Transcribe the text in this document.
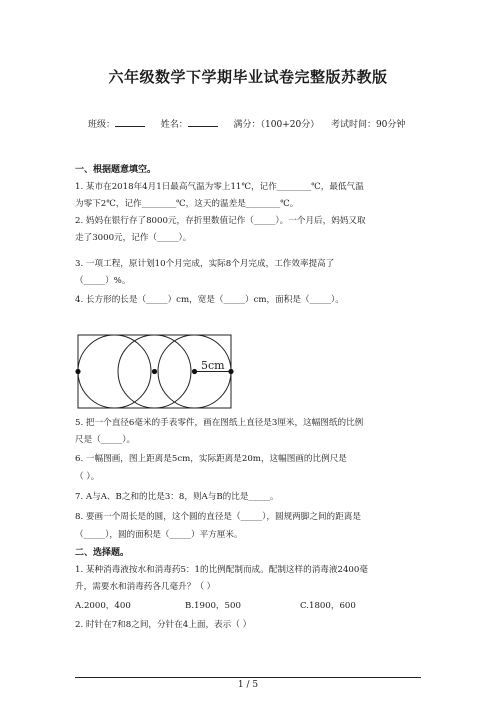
六年级数学下学期毕业试卷完整版苏教版
班级：	姓名：	满分：（100+20分） 考试时间：90分钟
一、根据题意填空。
1. 某市在2018年4月1日最高气温为零上11℃，记作________℃，最低气温
为零下2℃，记作________℃，这天的温差是________℃。
2. 妈妈在银行存了8000元，存折里数值记作（_____）。一个月后，妈妈又取
走了3000元，记作（_____）。
3. 一项工程，原计划10个月完成，实际8个月完成，工作效率提高了
（_____）%。
4. 长方形的长是（_____）cm，宽是（_____）cm，面积是（_____）。
5cm
5. 把一个直径6毫米的手表零件，画在图纸上直径是3厘米，这幅图纸的比例
尺是（_____）。
6. 一幅图画，图上距离是5cm，实际距离是20m，这幅图画的比例尺是
（ ）。
7. A与A、B之和的比是3：8，则A与B的比是_____。
8. 要画一个周长是的圆，这个圆的直径是（_____），圆规两脚之间的距离是
（_____），圆的面积是（_____）平方厘米。
二、选择题。
1. 某种消毒液按水和消毒药5：1的比例配制而成。配制这样的消毒液2400毫
升，需要水和消毒药各几毫升？（ ）
A.2000，400	B.1900，500	C.1800，600
2. 时针在7和8之间，分针在4上面，表示（ ）
1 / 5
